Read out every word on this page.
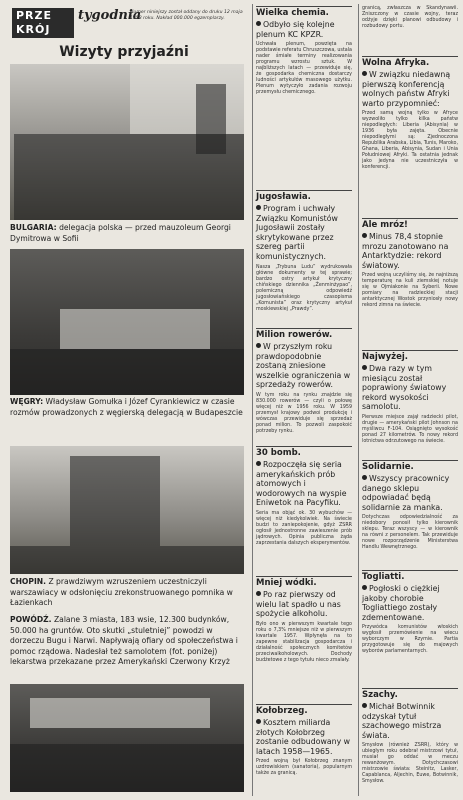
PRZE
KRÓJ
tygodnia
Numer niniejszy został oddany do druku 12 maja 1958 roku. Nakład 000.000 egzemplarzy.
Wizyty przyjaźni
BULGARIA: delegacja polska — przed mauzoleum Georgi Dymitrowa w Sofii
WĘGRY: Władysław Gomułka i Józef Cyrankiewicz w czasie rozmów prowadzonych z węgierską delegacją w Budapeszcie
CHOPIN. Z prawdziwym wzruszeniem uczestniczyli warszawiacy w odsłonięciu zrekonstruowanego pomnika w Łazienkach
POWÓDŹ. Zalane 3 miasta, 183 wsie, 12.300 budynków, 50.000 ha gruntów. Oto skutki „stuletniej” powodzi w dorzeczu Bugu i Narwi. Napływają ofiary od społeczeństwa i pomoc rządowa. Nadesłał też samolotem (fot. poniżej) lekarstwa przekazane przez Amerykański Czerwony Krzyż
Wielka chemia.
Odbyło się kolejne plenum KC KPZR.
Uchwała plenum, powzięta na podstawie referatu Chruszczowa, ustala nader śmiałe terminy realizowania programu wzrostu sztuk. W najbliższych latach — przewiduje się, że gospodarka chemiczna dostarczy ludności artykułów masowego użytku. Plenum wytyczyło zadania rozwoju przemysłu chemicznego.
Jugosławia.
Program i uchwały Związku Komunistów Jugosławii zostały skrytykowane przez szereg partii komunistycznych.
Nasza „Trybuna Ludu” wydrukowała główne dokumenty w tej sprawie; bardzo ostry artykuł krytyczny chińskiego dziennika „Żenminżypao”, polemiczną odpowiedź jugosłowiańskiego czasopisma „Komunista” oraz krytyczny artykuł moskiewskiej „Prawdy”.
Milion rowerów.
W przyszłym roku prawdopodobnie zostaną zniesione wszelkie ograniczenia w sprzedaży rowerów.
W tym roku na rynku znajdzie się 830.000 rowerów — czyli o połowę więcej niż w 1956 roku. W 1959 przemysł krajowy podwoi produkcję i wówczas przewiduje się sprzedaż ponad milion. To pozwoli zaspokoić potrzeby rynku.
30 bomb.
Rozpoczęła się seria amerykańskich prób atomowych i wodorowych na wyspie Eniwetok na Pacyfiku.
Seria ma objąć ok. 30 wybuchów — więcej niż kiedykolwiek. Na świecie budzi to zaniepokojenie, gdyż ZSRR ogłosił jednostronne zawieszenie prób jądrowych. Opinia publiczna żąda zaprzestania dalszych eksperymentów.
Mniej wódki.
Po raz pierwszy od wielu lat spadło u nas spożycie alkoholu.
Było ono w pierwszym kwartale tego roku o 7,3% mniejsze niż w pierwszym kwartale 1957. Wpłynęła na to zapewne stabilizacja gospodarcza i działalność społecznych komitetów przeciwalkoholowych. Dochody budżetowe z tego tytułu nieco zmalały.
Kołobrzeg.
Kosztem miliarda złotych Kołobrzeg zostanie odbudowany w latach 1958—1965.
Przed wojną był Kołobrzeg znanym uzdrowiskiem (sanatoria), popularnym także za granicą.
granicą, zwłaszcza w Skandynawii. Zniszczony w czasie wojny, teraz odżyje dzięki planowi odbudowy i rozbudowy portu.
Wolna Afryka.
W związku niedawną pierwszą konferencją wolnych państw Afryki warto przypomnieć:
Przed samą wojną tylko w Afryce wyzwoliło tylko kilka państw niepodległych: Liberia (Abisynia) w 1936 była zajęta. Obecnie niepodległymi są: Zjednoczona Republika Arabska, Libia, Tunis, Maroko, Ghana, Liberia, Abisynia, Sudan i Unia Południowej Afryki. Ta ostatnia jednak jako jedyna nie uczestniczyła w konferencji.
Ale mróz!
Minus 78,4 stopnie mrozu zanotowano na Antarktydzie: rekord światowy.
Przed wojną uczyliśmy się, że najniższą temperaturę na kuli ziemskiej notuje się w Ojmiakonie na Syberii. Nowe pomiary na radzieckiej stacji antarktycznej Wostok przyniosły nowy rekord zimna na świecie.
Najwyżej.
Dwa razy w tym miesiącu został poprawiony światowy rekord wysokości samolotu.
Pierwsze miejsce zajął radziecki pilot, drugie — amerykański pilot Johnson na myśliwcu F-104. Osiągnięto wysokość ponad 27 kilometrów. To nowy rekord lotnictwa odrzutowego na świecie.
Solidarnie.
Wszyscy pracownicy danego sklepu odpowiadać będą solidarnie za manka.
Dotychczas odpowiedzialność za niedobory ponosił tylko kierownik sklepu. Teraz wszyscy — w kierownik na równi z personelem. Tak przewiduje nowe rozporządzenie Ministerstwa Handlu Wewnętrznego.
Togliatti.
Pogłoski o ciężkiej jakoby chorobie Togliattiego zostały zdementowane.
Przywódca komunistów włoskich wygłosił przemówienie na wiecu wyborczym w Rzymie. Partia przygotowuje się do majowych wyborów parlamentarnych.
Szachy.
Michał Botwinnik odzyskał tytuł szachowego mistrza świata.
Smysłow (również ZSRR), który w ubiegłym roku odebrał mistrzowi tytuł, musiał go oddać w meczu rewanżowym. Dotychczasowi mistrzowie świata: Steinitz, Lasker, Capablanca, Aljechin, Euwe, Botwinnik, Smysłow.
